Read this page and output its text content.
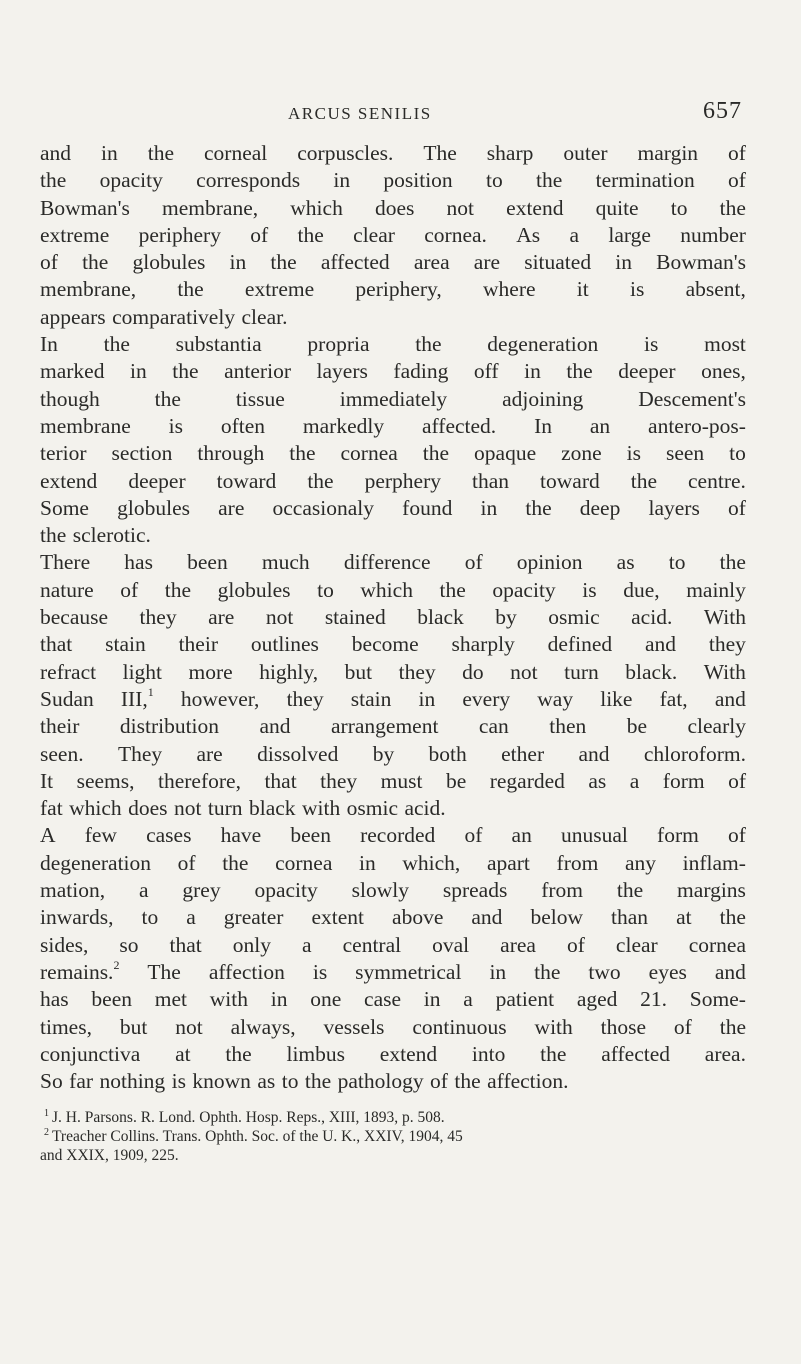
ARCUS SENILIS	657
and in the corneal corpuscles. The sharp outer margin of
the opacity corresponds in position to the termination of
Bowman's membrane, which does not extend quite to the
extreme periphery of the clear cornea. As a large number
of the globules in the affected area are situated in Bowman's
membrane, the extreme periphery, where it is absent,
appears comparatively clear.
In the substantia propria the degeneration is most
marked in the anterior layers fading off in the deeper ones,
though	the	tissue	immediately	adjoining	Descement's
membrane is often markedly affected. In an antero-pos-
terior section through the cornea the opaque zone is seen to
extend deeper toward the perphery than toward the centre.
Some globules are occasionaly found in the deep layers of
the sclerotic.
There has been much difference of opinion as to the
nature of the globules to which the opacity is due, mainly
because they are not stained black by osmic acid. With
that stain their outlines become sharply defined and they
refract light more highly, but they do not turn black. With
Sudan III,$^1$ however, they stain in every way like fat, and
their distribution and arrangement can then be clearly
seen. They are dissolved by both ether and chloroform.
It seems, therefore, that they must be regarded as a form of
fat which does not turn black with osmic acid.
A few cases have been recorded of an unusual form of
degeneration of the cornea in which, apart from any inflam-
mation, a grey opacity slowly spreads from the margins
inwards, to a greater extent above and below than at the
sides, so that only a central oval area of clear cornea
remains.$^2$ The affection is symmetrical in the two eyes and
has been met with in one case in a patient aged 21. Some-
times, but not always, vessels continuous with those of the
conjunctiva at the limbus extend into the affected area.
So far nothing is known as to the pathology of the affection.
$^1$ J. H. Parsons. R. Lond. Ophth. Hosp. Reps., XIII, 1893, p. 508.
$^2$ Treacher Collins. Trans. Ophth. Soc. of the U. K., XXIV, 1904, 45
and XXIX, 1909, 225.
